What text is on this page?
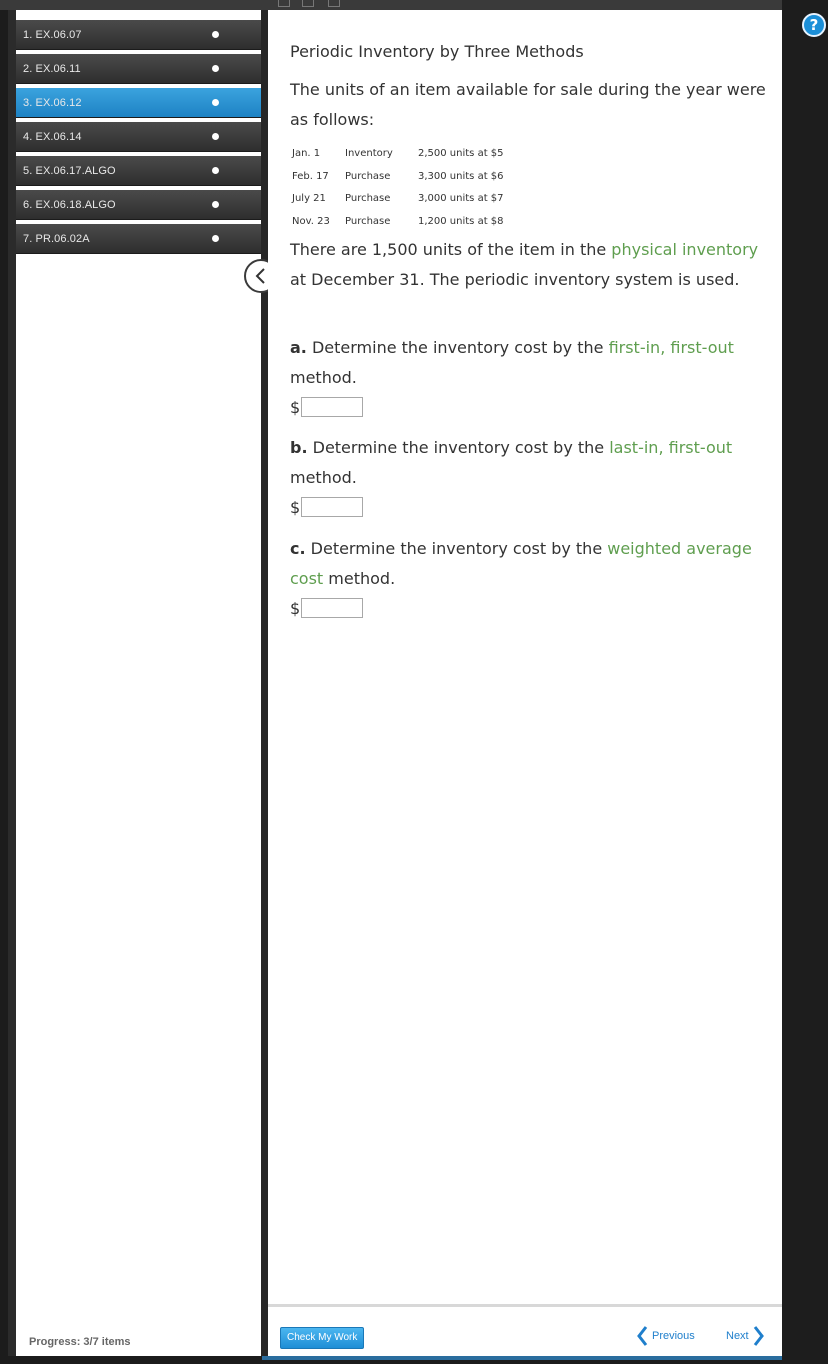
1. EX.06.07
2. EX.06.11
3. EX.06.12
4. EX.06.14
5. EX.06.17.ALGO
6. EX.06.18.ALGO
7. PR.06.02A
Progress: 3/7 items
Periodic Inventory by Three Methods
The units of an item available for sale during the year were as follows:
Jan. 1	Inventory	2,500 units at $5
Feb. 17	Purchase	3,300 units at $6
July 21	Purchase	3,000 units at $7
Nov. 23	Purchase	1,200 units at $8
There are 1,500 units of the item in the physical inventory at December 31. The periodic inventory system is used.
a. Determine the inventory cost by the first-in, first-out method.
$
b. Determine the inventory cost by the last-in, first-out method.
$
c. Determine the inventory cost by the weighted average cost method.
$
Check My Work	Previous	Next
?
